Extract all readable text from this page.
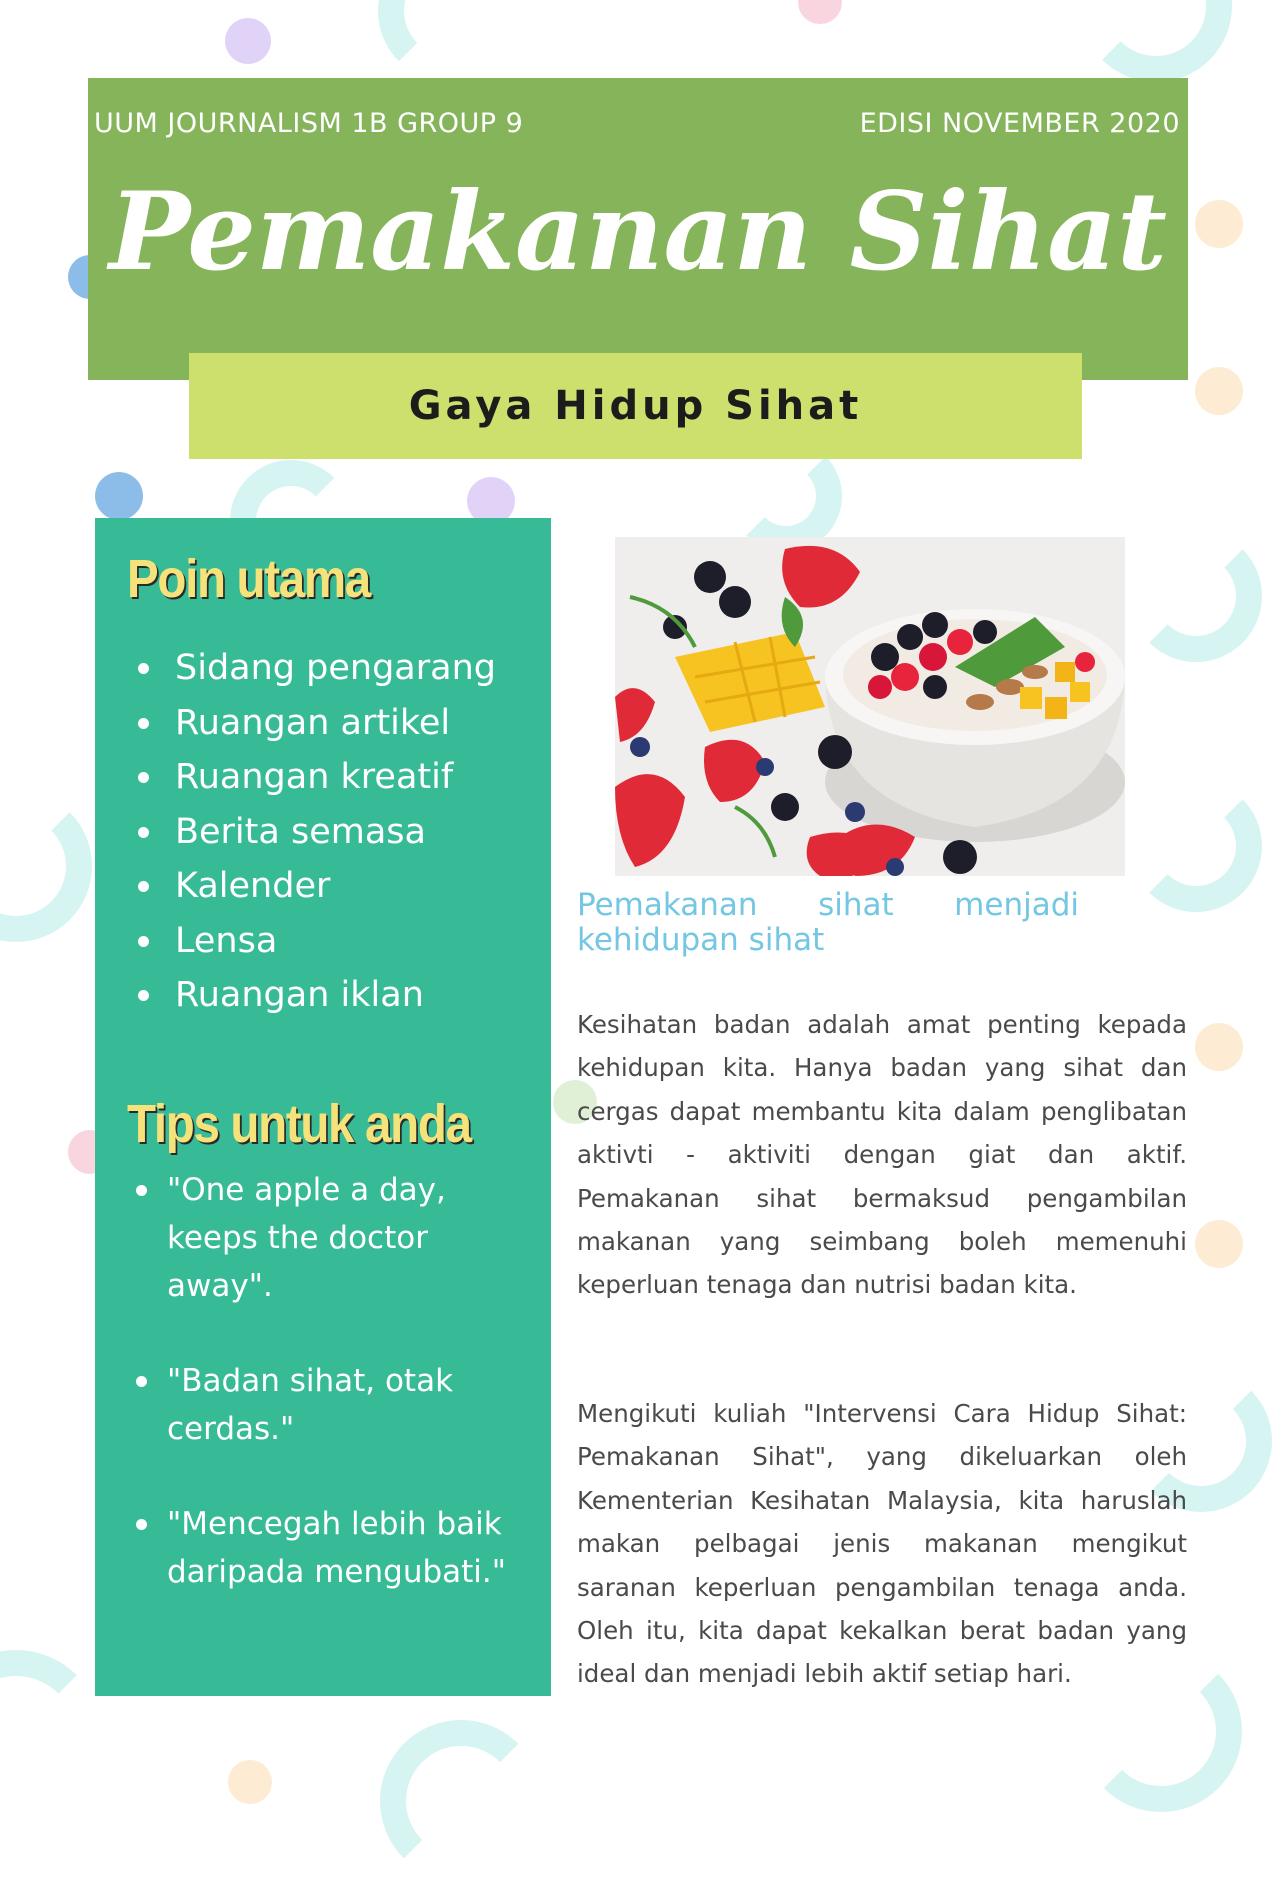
UUM JOURNALISM 1B GROUP 9	EDISI NOVEMBER 2020
Pemakanan Sihat
Gaya Hidup Sihat
Poin utama
Sidang pengarang
Ruangan artikel
Ruangan kreatif
Berita semasa
Kalender
Lensa
Ruangan iklan
Tips untuk anda
"One apple a day, keeps the doctor away".
"Badan sihat, otak cerdas."
"Mencegah lebih baik daripada mengubati."
Pemakanan sihat menjadi kehidupan sihat

Kesihatan badan adalah amat penting kepada kehidupan kita. Hanya badan yang sihat dan cergas dapat membantu kita dalam penglibatan aktivti - aktiviti dengan giat dan aktif. Pemakanan sihat bermaksud pengambilan makanan yang seimbang boleh memenuhi keperluan tenaga dan nutrisi badan kita.

Mengikuti kuliah "Intervensi Cara Hidup Sihat: Pemakanan Sihat", yang dikeluarkan oleh Kementerian Kesihatan Malaysia, kita haruslah makan pelbagai jenis makanan mengikut saranan keperluan pengambilan tenaga anda. Oleh itu, kita dapat kekalkan berat badan yang ideal dan menjadi lebih aktif setiap hari.
